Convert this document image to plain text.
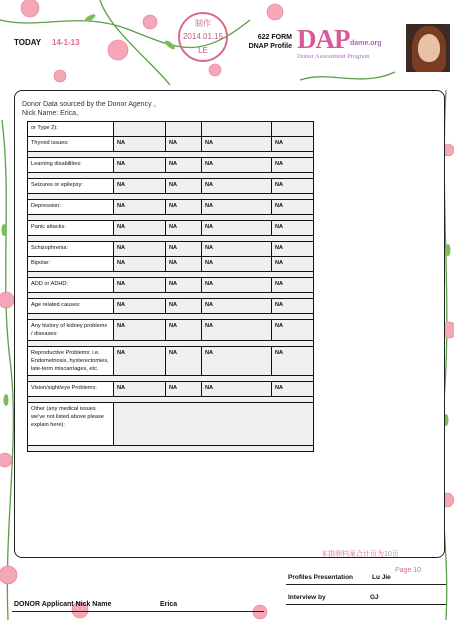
TODAY 14-1-13
制作
2014.01.15
LE
622 FORM
DNAP Profile DAP dame.org
Donor Assessment Program
Donor Data sourced by the Donor Agency 。
Nick Name: Erica。
or Type 2):				
Thyroid issues:	NA	NA	NA	NA

Learning disabilities:	NA	NA	NA	NA

Seizures or epilepsy:	NA	NA	NA	NA

Depression:	NA	NA	NA	NA

Panic attacks:	NA	NA	NA	NA

Schizophrenia:	NA	NA	NA	NA
Bipolar:	NA	NA	NA	NA

ADD or ADHD:	NA	NA	NA	NA

Age related causes:	NA	NA	NA	NA

Any history of kidney problems / diseases:	NA	NA	NA	NA

Reproductive Problems: i.e. Endometriosis, hysterectomies, late-term miscarriages, etc.	NA	NA	NA	NA

Vision/sight/eye Problems:	NA	NA	NA	NA

Other (any medical issues we've not listed above please explain here):				

本捐卵档案合计页为10页
Page 10
Profiles Presentation	Lu Jie
Interview by	GJ
DONOR Applicant Nick Name	Erica
